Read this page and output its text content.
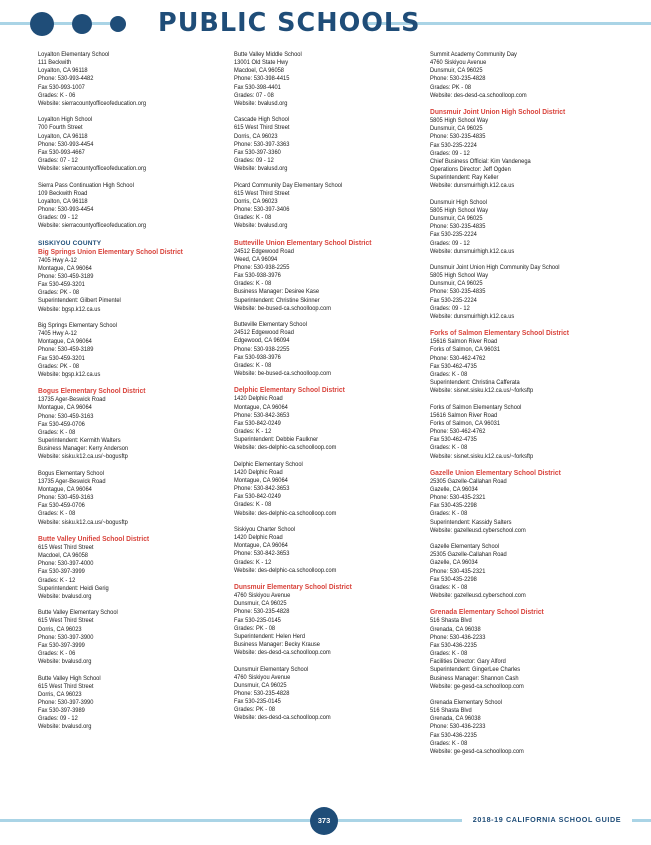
PUBLIC SCHOOLS
Loyalton Elementary School
111 Beckwith
Loyalton, CA 96118
Phone: 530-993-4482
Fax 530-993-1007
Grades: K - 06
Website: sierracountyofficeofeducation.org
Loyalton High School
700 Fourth Street
Loyalton, CA 96118
Phone: 530-993-4454
Fax 530-993-4667
Grades: 07 - 12
Website: sierracountyofficeofeducation.org
Sierra Pass Continuation High School
109 Beckwith Road
Loyalton, CA 96118
Phone: 530-993-4454
Grades: 09 - 12
Website: sierracountyofficeofeducation.org
SISKIYOU COUNTY
Big Springs Union Elementary School District
7405 Hwy A-12
Montague, CA 96064
Phone: 530-459-3189
Fax 530-459-3201
Grades: PK - 08
Superintendent: Gilbert Pimentel
Website: bgsp.k12.ca.us
Big Springs Elementary School
7405 Hwy A-12
Montague, CA 96064
Phone: 530-459-3189
Fax 530-459-3201
Grades: PK - 08
Website: bgsp.k12.ca.us
Bogus Elementary School District
13735 Ager-Beswick Road
Montague, CA 96064
Phone: 530-459-3163
Fax 530-459-0706
Grades: K - 08
Superintendent: Kermith Walters
Business Manager: Kerry Anderson
Website: sisku.k12.ca.us/~bogusftp
Bogus Elementary School
13735 Ager-Beswick Road
Montague, CA 96064
Phone: 530-459-3163
Fax 530-459-0706
Grades: K - 08
Website: sisku.k12.ca.us/~bogusftp
Butte Valley Unified School District
615 West Third Street
Macdoel, CA 96058
Phone: 530-397-4000
Fax 530-397-3999
Grades: K - 12
Superintendent: Heidi Gerig
Website: bvalusd.org
Butte Valley Elementary School
615 West Third Street
Dorris, CA 96023
Phone: 530-397-3900
Fax 530-397-3999
Grades: K - 06
Website: bvalusd.org
Butte Valley High School
615 West Third Street
Dorris, CA 96023
Phone: 530-397-3990
Fax 530-397-3989
Grades: 09 - 12
Website: bvalusd.org
Butte Valley Middle School
13001 Old State Hwy
Macdoel, CA 96058
Phone: 530-398-4415
Fax 530-398-4401
Grades: 07 - 08
Website: bvalusd.org
Cascade High School
615 West Third Street
Dorris, CA 96023
Phone: 530-397-3363
Fax 530-397-3360
Grades: 09 - 12
Website: bvalusd.org
Picard Community Day Elementary School
615 West Third Street
Dorris, CA 96023
Phone: 530-397-3406
Grades: K - 08
Website: bvalusd.org
Butteville Union Elementary School District
24512 Edgewood Road
Weed, CA 96094
Phone: 530-938-2255
Fax 530-938-3976
Grades: K - 08
Business Manager: Desiree Kase
Superintendent: Christine Skinner
Website: be-bused-ca.schoolloop.com
Butteville Elementary School
24512 Edgewood Road
Edgewood, CA 96094
Phone: 530-938-2255
Fax 530-938-3976
Grades: K - 08
Website: be-bused-ca.schoolloop.com
Delphic Elementary School District
1420 Delphic Road
Montague, CA 96064
Phone: 530-842-3653
Fax 530-842-0249
Grades: K - 12
Superintendent: Debbie Faulkner
Website: des-delphic-ca.schoolloop.com
Delphic Elementary School
1420 Delphic Road
Montague, CA 96064
Phone: 530-842-3653
Fax 530-842-0249
Grades: K - 08
Website: des-delphic-ca.schoolloop.com
Siskiyou Charter School
1420 Delphic Road
Montague, CA 96064
Phone: 530-842-3653
Grades: K - 12
Website: des-delphic-ca.schoolloop.com
Dunsmuir Elementary School District
4760 Siskiyou Avenue
Dunsmuir, CA 96025
Phone: 530-235-4828
Fax 530-235-0145
Grades: PK - 08
Superintendent: Helen Herd
Business Manager: Becky Krause
Website: des-desd-ca.schoolloop.com
Dunsmuir Elementary School
4760 Siskiyou Avenue
Dunsmuir, CA 96025
Phone: 530-235-4828
Fax 530-235-0145
Grades: PK - 08
Website: des-desd-ca.schoolloop.com
Summit Academy Community Day
4760 Siskiyou Avenue
Dunsmuir, CA 96025
Phone: 530-235-4828
Grades: PK - 08
Website: des-desd-ca.schoolloop.com
Dunsmuir Joint Union High School District
5805 High School Way
Dunsmuir, CA 96025
Phone: 530-235-4835
Fax 530-235-2224
Grades: 09 - 12
Chief Business Official: Kim Vandenega
Operations Director: Jeff Ogden
Superintendent: Ray Keller
Website: dunsmuirhigh.k12.ca.us
Dunsmuir High School
5805 High School Way
Dunsmuir, CA 96025
Phone: 530-235-4835
Fax 530-235-2224
Grades: 09 - 12
Website: dunsmuirhigh.k12.ca.us
Dunsmuir Joint Union High Community Day School
5805 High School Way
Dunsmuir, CA 96025
Phone: 530-235-4835
Fax 530-235-2224
Grades: 09 - 12
Website: dunsmuirhigh.k12.ca.us
Forks of Salmon Elementary School District
15616 Salmon River Road
Forks of Salmon, CA 96031
Phone: 530-462-4762
Fax 530-462-4735
Grades: K - 08
Superintendent: Christina Cafferata
Website: sisnet.sisku.k12.ca.us/~forksftp
Forks of Salmon Elementary School
15616 Salmon River Road
Forks of Salmon, CA 96031
Phone: 530-462-4762
Fax 530-462-4735
Grades: K - 08
Website: sisnet.sisku.k12.ca.us/~forksftp
Gazelle Union Elementary School District
25305 Gazelle-Callahan Road
Gazelle, CA 96034
Phone: 530-435-2321
Fax 530-435-2298
Grades: K - 08
Superintendent: Kassidy Salters
Website: gazelleusd.cyberschool.com
Gazelle Elementary School
25305 Gazelle-Callahan Road
Gazelle, CA 96034
Phone: 530-435-2321
Fax 530-435-2298
Grades: K - 08
Website: gazelleusd.cyberschool.com
Grenada Elementary School District
516 Shasta Blvd
Grenada, CA 96038
Phone: 530-436-2233
Fax 530-436-2235
Grades: K - 08
Facilities Director: Gary Alford
Superintendent: GingerLee Charles
Business Manager: Shannon Cash
Website: ge-gesd-ca.schoolloop.com
Grenada Elementary School
516 Shasta Blvd
Grenada, CA 96038
Phone: 530-436-2233
Fax 530-436-2235
Grades: K - 08
Website: ge-gesd-ca.schoolloop.com
373	2018-19 CALIFORNIA SCHOOL GUIDE
